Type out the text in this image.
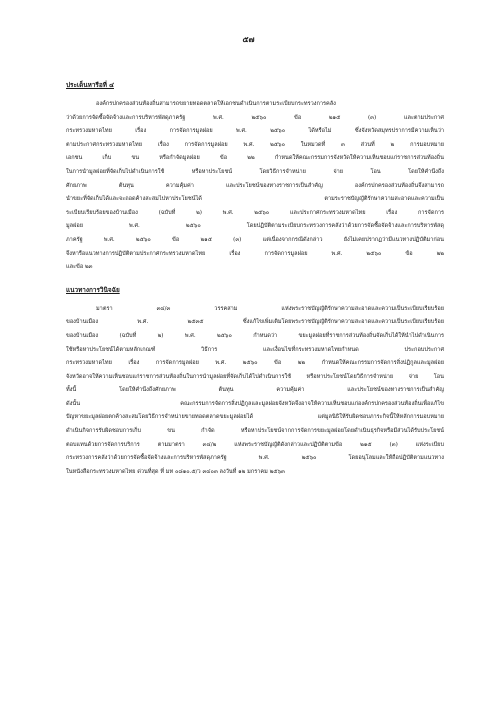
๕๗
ประเด็นหารือที่ ๔
องค์กรปกครองส่วนท้องถิ่นสามารถขยายทอดตลาดให้เอกชนดำเนินการตามระเบียบกระทรวงการคลัง
ว่าด้วยการจัดซื้อจัดจ้างและการบริหารพัสดุภาครัฐ พ.ศ. ๒๕๖๐ ข้อ ๒๑๕ (๓) และตามประกาศ
กระทรวงมหาดไทย เรื่อง การจัดการมูลฝอย พ.ศ. ๒๕๖๐ ได้หรือไม่ ซึ่งจังหวัดสมุทรปราการมีความเห็นว่า
ตามประกาศกระทรวงมหาดไทย เรื่อง การจัดการมูลฝอย พ.ศ. ๒๕๖๐ ในหมวดที่ ๓ ส่วนที่ ๒ การมอบหมาย
เอกชน เก็บ ขน หรือกำจัดมูลฝอย ข้อ ๒๒ กำหนดให้คณะกรรมการจังหวัดให้ความเห็นชอบแก่ราชการส่วนท้องถิ่น
ในการนำมูลฝอยที่จัดเก็บไปดำเนินการใช้ หรือหาประโยชน์ โดยวิธีการจำหน่าย จ่าย โอน โดยให้คำนึงถึง
ศักยภาพ ต้นทุน ความคุ้มค่า และประโยชน์ของทางราชการเป็นสำคัญ องค์กรปกครองส่วนท้องถิ่นจึงสามารถ
นำขยะที่จัดเก็บได้และจะถอดค้างสะสมไปหาประโยชน์ได้ ตามระราชบัญญัติรักษาความสะอาดและความเป็น
ระเบียบเรียบร้อยของบ้านเมือง (ฉบับที่ ๒) พ.ศ. ๒๕๖๐ และประกาศกระทรวงมหาดไทย เรื่อง การจัดการ
มูลฝอย พ.ศ. ๒๕๖๐ โดยปฏิบัติตามระเบียบกระทรวงการคลังว่าด้วยการจัดซื้อจัดจ้างและการบริหารพัสดุ
ภาครัฐ พ.ศ. ๒๕๖๐ ข้อ ๒๑๕ (๓) แต่เนื่องจากกรณีดังกล่าว ยังไม่เคยปรากฏว่ามีแนวทางปฏิบัติมาก่อน
จึงหารือแนวทางการปฏิบัติตามประกาศกระทรวงมหาดไทย เรื่อง การจัดการมูลฝอย พ.ศ. ๒๕๖๐ ข้อ ๒๒
และข้อ ๒๓
แนวทางการวินิจฉัย
มาตรา ๓๔/๓ วรรคสาม แห่งพระราชบัญญัติรักษาความสะอาดและความเป็นระเบียบเรียบร้อย
ของบ้านเมือง พ.ศ. ๒๕๓๕ ซึ่งแก้ไขเพิ่มเติมโดยพระราชบัญญัติรักษาความสะอาดและความเป็นระเบียบเรียบร้อย
ของบ้านเมือง (ฉบับที่ ๒) พ.ศ. ๒๕๖๐ กำหนดว่า ขยะมูลฝอยที่ราชการส่วนท้องถิ่นจัดเก็บได้ให้นำไปดำเนินการ
ใช้หรือหาประโยชน์ได้ตามหลักเกณฑ์ วิธีการ และเงื่อนไขที่กระทรวงมหาดไทยกำหนด ประกอบประกาศ
กระทรวงมหาดไทย เรื่อง การจัดการมูลฝอย พ.ศ. ๒๕๖๐ ข้อ ๒๒ กำหนดให้คณะกรรมการจัดการสิ่งปฏิกูลและมูลฝอย
จังหวัดอาจให้ความเห็นชอบแก่ราชการส่วนท้องถิ่นในการนำมูลฝอยที่จัดเก็บได้ไปดำเนินการใช้ หรือหาประโยชน์โดยวิธีการจำหน่าย จ่าย โอน
ทั้งนี้ โดยให้คำนึงถึงศักยภาพ ต้นทุน ความคุ้มค่า และประโยชน์ของทางราชการเป็นสำคัญ
ดังนั้น คณะกรรมการจัดการสิ่งปฏิกูลและมูลฝอยจังหวัดจึงอาจให้ความเห็นชอบแก่องค์กรปกครองส่วนท้องถิ่นเพื่อแก้ไข
ปัญหาขยะมูลฝอยตกค้างสะสมโดยวิธีการจำหน่ายขายทอดตลาดขยะมูลฝอยได้ แต่มูลนิธิให้รับผิดชอบภาระกิจนี้ให้หลักการมอบหมาย
ดำเนินกิจการรับผิดชอบการเก็บ ขน กำจัด หรือหาประโยชน์จากการจัดการขยะมูลฝอยโดยดำเนินธุรกิจหรือมีส่วนได้รับประโยชน์
ตอบแทนด้วยการจัดการบริการ ตามมาตรา ๓๔/๒ แห่งพระราชบัญญัติดังกล่าวและปฏิบัติตามข้อ ๒๑๕ (๓) แห่งระเบียบ
กระทรวงการคลังว่าด้วยการจัดซื้อจัดจ้างและการบริหารพัสดุภาครัฐ พ.ศ. ๒๕๖๐ โดยอนุโลมและให้ถือปฏิบัติตามแนวทาง
ในหนังสือกระทรวงมหาดไทย ด่วนที่สุด ที่ มท ๐๘๑๐.๕/ว ๓๔๐๓ ลงวันที่ ๑๒ มกราคม ๒๕๖๓
